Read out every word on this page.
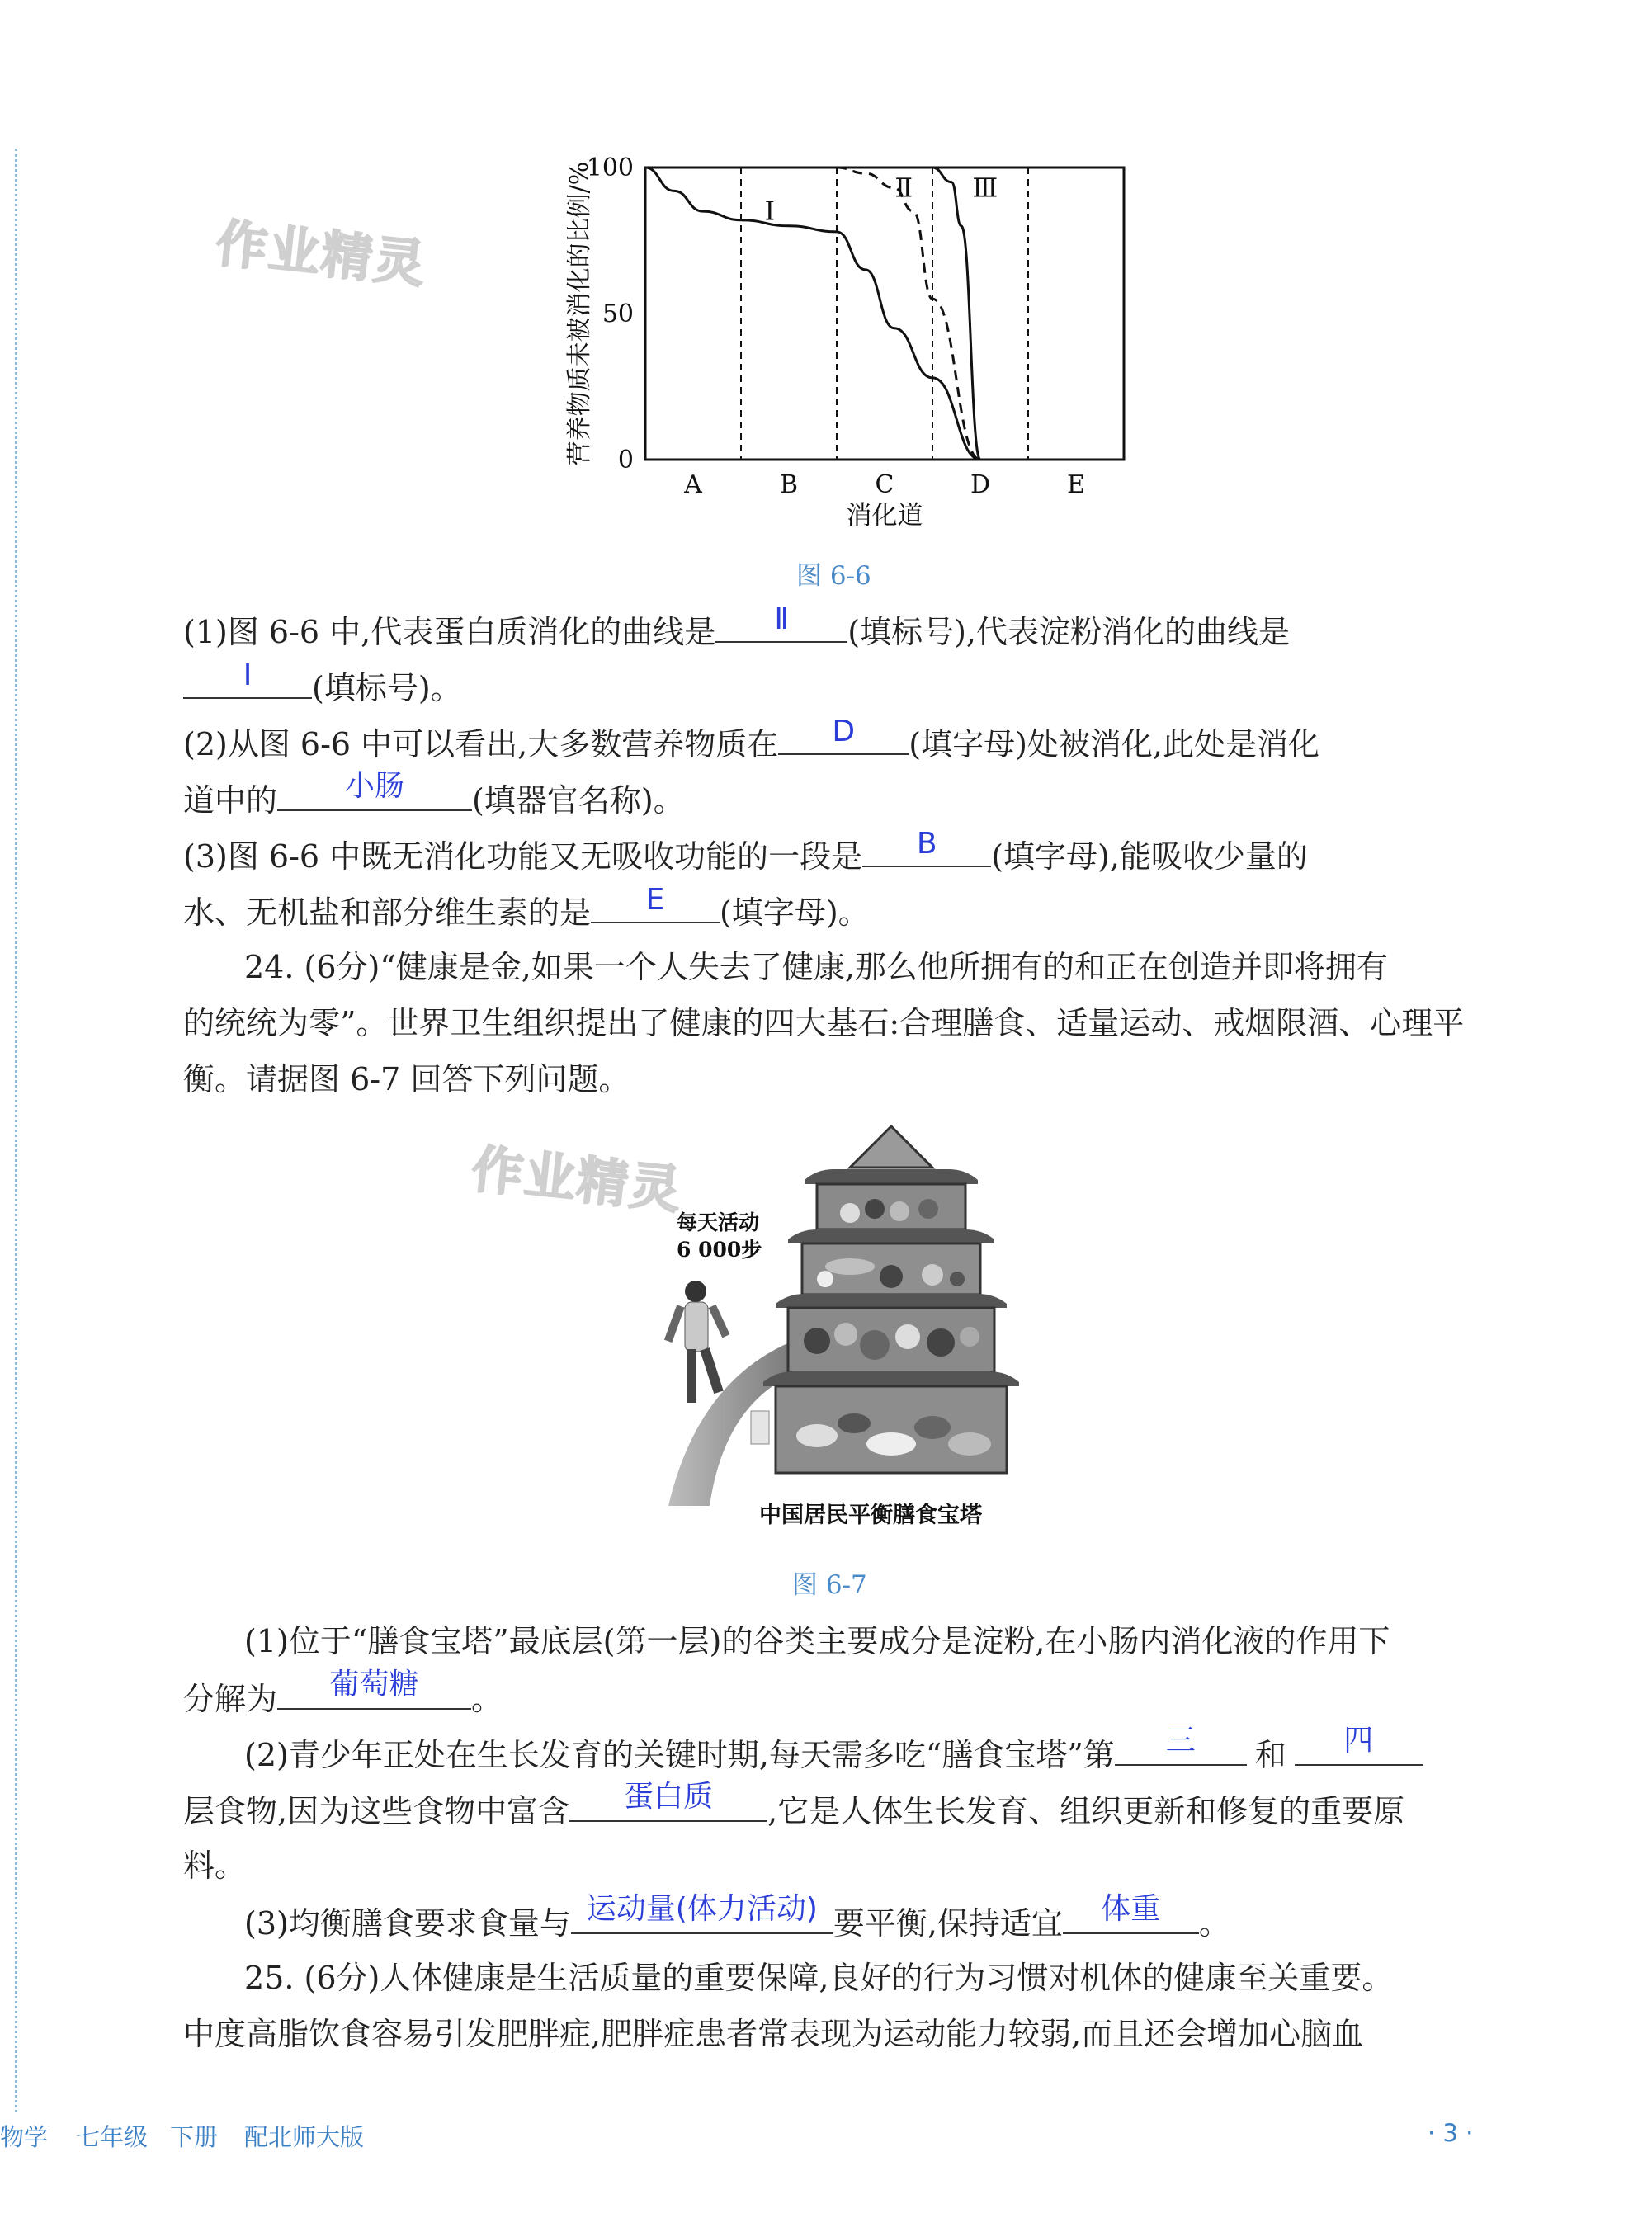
作业精灵
作业精灵
A	B	C	D	E
100
50
0
消化道
营养物质未被消化的比例/%	Ⅰ
Ⅱ Ⅲ
图 6-6
(1)图 6-6 中,代表蛋白质消化的曲线是	Ⅱ	(填标号),代表淀粉消化的曲线是
Ⅰ	(填标号)。
(2)从图 6-6 中可以看出,大多数营养物质在	D	(填字母)处被消化,此处是消化
道中的	小肠	(填器官名称)。
(3)图 6-6 中既无消化功能又无吸收功能的一段是	B	(填字母),能吸收少量的
水、无机盐和部分维生素的是	E	(填字母)。
24. (6分)“健康是金,如果一个人失去了健康,那么他所拥有的和正在创造并即将拥有
的统统为零”。世界卫生组织提出了健康的四大基石:合理膳食、适量运动、戒烟限酒、心理平
衡。请据图 6-7 回答下列问题。
每天活动
6 000步
中国居民平衡膳食宝塔
图 6-7
(1)位于“膳食宝塔”最底层(第一层)的谷类主要成分是淀粉,在小肠内消化液的作用下
分解为	葡萄糖	。
(2)青少年正处在生长发育的关键时期,每天需多吃“膳食宝塔”第	三	和	四
层食物,因为这些食物中富含	蛋白质	,它是人体生长发育、组织更新和修复的重要原
料。
(3)均衡膳食要求食量与 运动量(体力活动) 要平衡,保持适宜	体重	。
25. (6分)人体健康是生活质量的重要保障,良好的行为习惯对机体的健康至关重要。
中度高脂饮食容易引发肥胖症,肥胖症患者常表现为运动能力较弱,而且还会增加心脑血
物学 七年级 下册 配北师大版	· 3 ·
